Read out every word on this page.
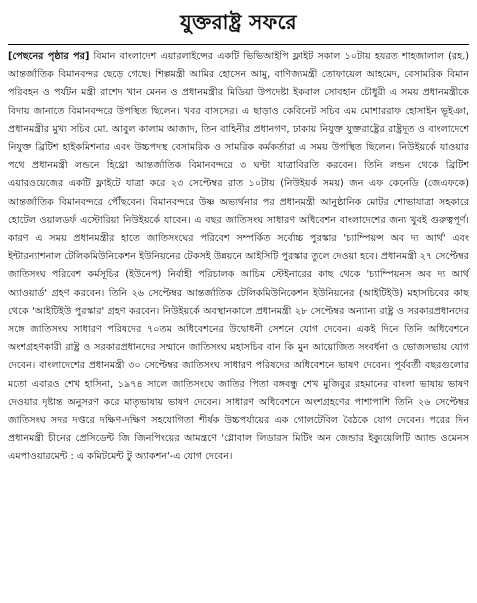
যুক্তরাষ্ট্র সফরে
[পেছনের পৃষ্ঠার পর] বিমান বাংলাদেশ এয়ারলাইন্সের একটি ভিভিআইপি ফ্লাইট সকাল ১০টায় হযরত শাহজালাল (রহ.) আন্তর্জাতিক বিমানবন্দর ছেড়ে গেছে। শিল্পমন্ত্রী আমির হোসেন আমু, বাণিজ্যমন্ত্রী তোফায়েল আহমেদ, বেসামরিক বিমান পরিবহন ও পর্যটন মন্ত্রী রাশেদ খান মেনন ও প্রধানমন্ত্রীর মিডিয়া উপদেষ্টা ইকবাল সোবহান চৌধুরী এ সময় প্রধানমন্ত্রীকে বিদায় জানাতে বিমানবন্দরে উপস্থিত ছিলেন। খবর বাসসের। এ ছাড়াও কেবিনেট সচিব এম মোশাররাফ হোসাইন ভূইঞা, প্রধানমন্ত্রীর মুখ্য সচিব মো. আবুল কালাম আজাদ, তিন বাহিনীর প্রধানগণ, ঢাকায় নিযুক্ত যুক্তরাষ্ট্রের রাষ্ট্রদূত ও বাংলাদেশে নিযুক্ত ব্রিটিশ হাইকমিশনার এবং উচ্চপদস্থ বেসামরিক ও সামরিক কর্মকর্তারা এ সময় উপস্থিত ছিলেন। নিউইয়র্কে যাওয়ার পথে প্রধানমন্ত্রী লন্ডনে হিথ্রো আন্তর্জাতিক বিমানবন্দরে ৩ ঘণ্টা যাত্রাবিরতি করবেন। তিনি লন্ডন থেকে ব্রিটিশ এয়ারওয়েজের একটি ফ্লাইটে যাত্রা করে ২৩ সেপ্টেম্বর রাত ১০টায় (নিউইয়র্ক সময়) জন এফ কেনেডি (জেএফকে) আন্তর্জাতিক বিমানবন্দরে পৌঁছবেন। বিমানবন্দরে উষ্ণ অভ্যর্থনার পর প্রধানমন্ত্রী আনুষ্ঠানিক মোটর শোভাযাত্রা সহকারে হোটেল ওয়ালডর্ফ এস্টোরিয়া নিউইয়র্কে যাবেন। এ বছর জাতিসংঘ সাধারণ অধিবেশন বাংলাদেশের জন্য খুবই গুরুত্বপূর্ণ। কারণ এ সময় প্রধানমন্ত্রীর হাতে জাতিসংঘের পরিবেশ সম্পর্কিত সর্বোচ্চ পুরস্কার 'চ্যাম্পিয়ন্স অব দ্য আর্থ' এবং ইন্টারন্যাশনাল টেলিকমিউনিকেশন ইউনিয়নের টেকসই উন্নয়নে আইসিটি পুরস্কার তুলে দেওয়া হবে। প্রধানমন্ত্রী ২৭ সেপ্টেম্বর জাতিসংঘ পরিবেশ কর্মসূচির (ইউনেপ) নির্বাহী পরিচালক আচিম স্টেইনারের কাছ থেকে 'চ্যাম্পিয়নস অব দ্য আর্থ অ্যাওয়ার্ড' গ্রহণ করবেন। তিনি ২৬ সেপ্টেম্বর আন্তর্জাতিক টেলিকমিউনিকেশন ইউনিয়নের (আইটিইউ) মহাসচিবের কাছ থেকে 'আইটিইউ পুরস্কার' গ্রহণ করবেন। নিউইয়র্কে অবস্থানকালে প্রধানমন্ত্রী ২৮ সেপ্টেম্বর অন্যান্য রাষ্ট্র ও সরকারপ্রধানদের সঙ্গে জাতিসংঘ সাধারণ পরিষদের ৭০তম অধিবেশনের উদ্বোধনী সেশনে যোগ দেবেন। একই দিনে তিনি অধিবেশনে অংশগ্রহণকারী রাষ্ট্র ও সরকারপ্রধানদের সম্মানে জাতিসংঘ মহাসচিব বান কি মুন আয়োজিত সংবর্ধনা ও ভোজসভায় যোগ দেবেন। বাংলাদেশের প্রধানমন্ত্রী ৩০ সেপ্টেম্বর জাতিসংঘ সাধারণ পরিষদের অধিবেশনে ভাষণ দেবেন। পূর্ববর্তী বছরগুলোর মতো এবারও শেখ হাসিনা, ১৯৭৪ সালে জাতিসংঘে জাতির পিতা বঙ্গবন্ধু শেখ মুজিবুর রহমানের বাংলা ভাষায় ভাষণ দেওয়ার দৃষ্টান্ত অনুসরণ করে মাতৃভাষায় ভাষণ দেবেন। সাধারণ অধিবেশনে অংশগ্রহণের পাশাপাশি তিনি ২৬ সেপ্টেম্বর জাতিসংঘ সদর দপ্তরে দক্ষিণ-দক্ষিণ সহযোগিতা শীর্ষক উচ্চপর্যায়ের এক গোলটেবিল বৈঠকে যোগ দেবেন। পরের দিন প্রধানমন্ত্রী চীনের প্রেসিডেন্ট জি জিনপিংয়ের আমন্ত্রণে 'গ্লোবাল লিডারস মিটিং অন জেন্ডার ইক্যুয়েলিটি অ্যান্ড ওমেনস এমপাওয়ারমেন্ট : এ কমিটমেন্ট টু অ্যাকশন'-এ যোগ দেবেন।
